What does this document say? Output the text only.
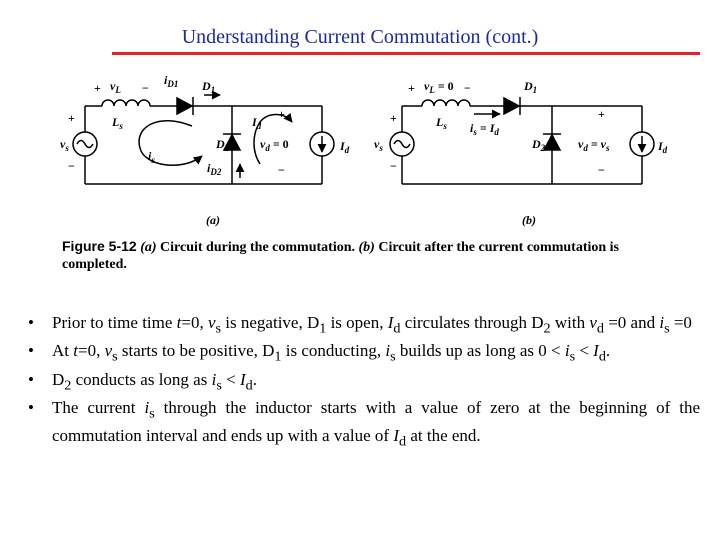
Understanding Current Commutation (cont.)
+ $v_L$ −
$i_{D1}$ $D_1$
$L_s$
+
$v_s$
−
$I_d$
+
$D_2$	$v_d = 0$
$i_s$
$i_{D2}$	−
$I_d$
(a)
+ $v_L = 0$ −	$D_1$
$L_s$ $i_s = I_d$
+
$v_s$
−
$D_2$
+
$v_d = v_s$
−
$I_d$
(b)
Figure 5-12 (a) Circuit during the commutation. (b) Circuit after the current commutation is completed.
• Prior to time time t=0, $v_s$ is negative, $D_1$ is open, $I_d$ circulates through $D_2$ with $v_d =0$ and $i_s =0$
• At t=0, $v_s$ starts to be positive, $D_1$ is conducting, $i_s$ builds up as long as $0 < i_s < I_d$.
• $D_2$ conducts as long as $i_s < I_d$.
• The current $i_s$ through the inductor starts with a value of zero at the beginning of the commutation interval and ends up with a value of $I_d$ at the end.
